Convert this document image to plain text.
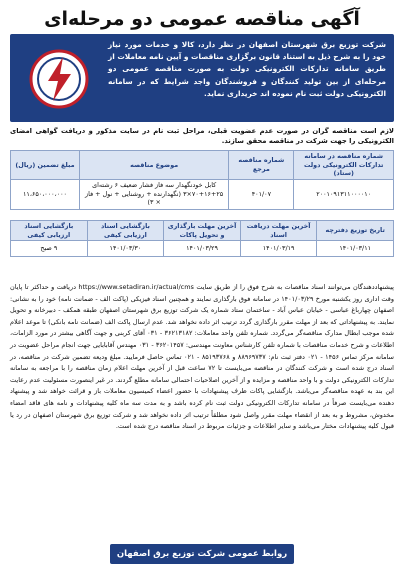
آگهی مناقصه عمومی دو مرحله‌ای
شرکت توزیع برق شهرستان اصفهان در نظر دارد، کالا و خدمات مورد نیاز خود را به شرح ذیل به استناد قانون برگزاری مناقصات و آیین نامه معاملات از طریق سامانه تدارکات الکترونیکی دولت به صورت مناقصه عمومی دو مرحله‌ای از بین تولید کنندگان و فروشندگان واجد شرایط که در سامانه الکترونیکی دولت ثبت نام نموده اند خریداری نماید.
لازم است مناقصه گران در صورت عدم عضویت قبلی، مراحل ثبت نام در سایت مذکور و دریافت گواهی امضای الکترونیکی را جهت شرکت در مناقصه محقق سازند.
شماره مناقصه در سامانه تدارکات الکترونیکی دولت (ستاد)	شماره مناقصه مرجع	موضوع مناقصه	مبلغ تضمین (ریال)
۲۰۰۱۰۹۱۳۱۱۰۰۰۰۱۰	۴۰۱/۰۷	کابل خودنگهدار سه فاز فشار ضعیف ۶ رشته‌ای ۲۵+۱۶+۷۰×۳ (نگهدارنده + روشنایی + نول + فاز × ۳)	۱۱،۶۵۰،۰۰۰،۰۰۰
تاریخ توزیع دفترچه	آخرین مهلت دریافت اسناد	آخرین مهلت بارگذاری و تحویل پاکات	بازگشایی اسناد ارزیابی کیفی	بازگشایی اسناد ارزیابی کیفی
۱۴۰۱/۰۳/۱۱	۱۴۰۱/۰۳/۱۹	۱۴۰۱/۰۳/۲۹	۱۴۰۱/۰۳/۳۰	۹ صبح
پیشنهاددهندگان می‌توانند اسناد مناقصات به شرح فوق را از طریق سایت https://www.setadiran.ir/actual/cms دریافت و حداکثر تا پایان وقت اداری روز یکشنبه مورخ ۱۴۰۱/۰۳/۲۹ در سامانه فوق بارگذاری نمایند و همچنین اسناد فیزیکی (پاکت الف - ضمانت نامه) خود را به نشانی: اصفهان چهارباغ عباسی - خیابان عباس آباد - ساختمان ستاد شماره یک شرکت توزیع برق شهرستان اصفهان طبقه همکف - دبیرخانه و تحویل نمایند. به پیشنهاداتی که بعد از مهلت مقرر بارگذاری گردد ترتیب اثر داده نخواهد شد. عدم ارسال پاکت الف (ضمانت نامه بانکی) تا موعد اعلام شده موجب ابطال مدارک مناقصه‌گر می‌گردد. شماره تلفن واحد معاملات: ۳۶۲۱۳۱۸۲ - ۰۳۱ آقای کربنی و جهت آگاهی بیشتر در مورد الزامات، اطلاعات و شرح خدمات مناقصات با شماره تلفن کارشناس معاونت مهندسی: ۳۶۲۰۱۴۵۷ - ۰۳۱ مهندس آقابابایی جهت انجام مراحل عضویت در سامانه مرکز تماس ۱۴۵۶ - ۰۲۱ دفتر ثبت نام: ۸۸۹۶۹۷۳۷ و ۸۵۱۹۳۷۶۸ - ۰۲۱ تماس حاصل فرمایید. مبلغ ودیعه تضمین شرکت در مناقصه، در اسناد درج شده است و شرکت کنندگان در مناقصه می‌بایست تا ۷۲ ساعت قبل از آخرین مهلت اعلام زمان مناقصه را با مراجعه به سامانه تدارکات الکترونیکی دولت و با واحد مناقصه و مزایده و از آخرین اصلاحیات احتمالی سامانه مطلع گردند. در غیر اینصورت مسئولیت عدم رعایت این بند به عهده مناقصه‌گر می‌باشد. بازگشایی پاکات ظرف پیشنهادات با حضور اعضاء کمیسیون معاملات باز و قرائت خواهد شد و پیشنهاد دهنده می‌بایست صرفاً در سامانه تدارکات الکترونیکی دولت ثبت نام کرده باشد و به مدت سه ماه کلیه پیشنهادات و نامه های فاقد امضاء مخدوش، مشروط و به بعد از انقضاء مهلت مقرر واصل شود مطلقاً ترتیب اثر داده نخواهد شد و شرکت توزیع برق شهرستان اصفهان در رد یا قبول کلیه پیشنهادات مختار می‌باشد و سایر اطلاعات و جزئیات مربوط در اسناد مناقصه درج شده است.
روابط عمومی شرکت توزیع برق اصفهان
